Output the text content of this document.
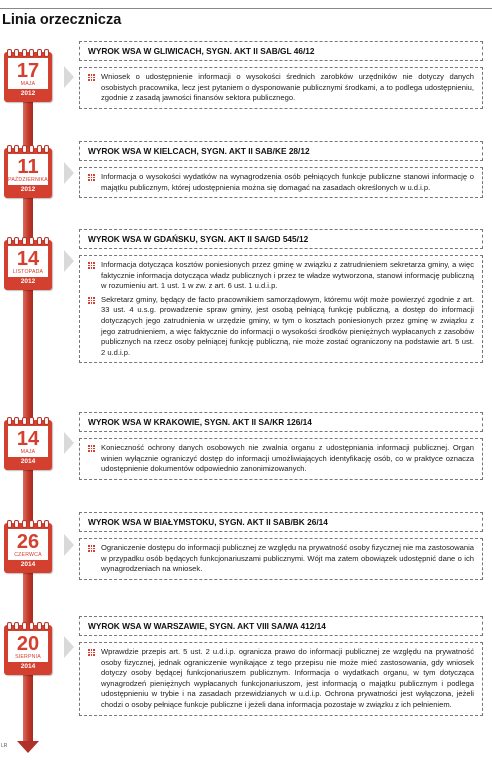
Linia orzecznicza
LR
17
MAJA
2012
WYROK WSA W GLIWICACH, SYGN. AKT II SAB/GL 46/12
Wniosek o udostępnienie informacji o wysokości średnich zarobków urzędników nie dotyczy danych osobistych pracownika, lecz jest pytaniem o dysponowanie publicznymi środkami, a to podlega udostępnieniu, zgodnie z zasadą jawności finansów sektora publicznego.
11
PAŹDZIERNIKA
2012
WYROK WSA W KIELCACH, SYGN. AKT II SAB/KE 28/12
Informacja o wysokości wydatków na wynagrodzenia osób pełniących funkcje publiczne stanowi informację o majątku publicznym, której udostępnienia można się domagać na zasadach określonych w u.d.i.p.
14
LISTOPADA
2012
WYROK WSA W GDAŃSKU, SYGN. AKT II SA/GD 545/12
Informacja dotycząca kosztów poniesionych przez gminę w związku z zatrudnieniem sekretarza gminy, a więc faktycznie informacja dotycząca władz publicznych i przez te władze wytworzona, stanowi informację publiczną w rozumieniu art. 1 ust. 1 w zw. z art. 6 ust. 1 u.d.i.p.
Sekretarz gminy, będący de facto pracownikiem samorządowym, któremu wójt może powierzyć zgodnie z art. 33 ust. 4 u.s.g. prowadzenie spraw gminy, jest osobą pełniącą funkcję publiczną, a dostęp do informacji dotyczących jego zatrudnienia w urzędzie gminy, w tym o kosztach poniesionych przez gminę w związku z jego zatrudnieniem, a więc faktycznie do informacji o wysokości środków pieniężnych wypłacanych z zasobów publicznych na rzecz osoby pełniącej funkcję publiczną, nie może zostać ograniczony na podstawie art. 5 ust. 2 u.d.i.p.
14
MAJA
2014
WYROK WSA W KRAKOWIE, SYGN. AKT II SA/KR 126/14
Konieczność ochrony danych osobowych nie zwalnia organu z udostępniania informacji publicznej. Organ winien wyłącznie ograniczyć dostęp do informacji umożliwiających identyfikację osób, co w praktyce oznacza udostępnienie dokumentów odpowiednio zanonimizowanych.
26
CZERWCA
2014
WYROK WSA W BIAŁYMSTOKU, SYGN. AKT II SAB/BK 26/14
Ograniczenie dostępu do informacji publicznej ze względu na prywatność osoby fizycznej nie ma zastosowania w przypadku osób będących funkcjonariuszami publicznymi. Wójt ma zatem obowiązek udostępnić dane o ich wynagrodzeniach na wniosek.
20
SIERPNIA
2014
WYROK WSA W WARSZAWIE, SYGN. AKT VIII SA/WA 412/14
Wprawdzie przepis art. 5 ust. 2 u.d.i.p. ogranicza prawo do informacji publicznej ze względu na prywatność osoby fizycznej, jednak ograniczenie wynikające z tego przepisu nie może mieć zastosowania, gdy wniosek dotyczy osoby będącej funkcjonariuszem publicznym. Informacja o wydatkach organu, w tym dotycząca wynagrodzeń pieniężnych wypłacanych funkcjonariuszom, jest informacją o majątku publicznym i podlega udostępnieniu w trybie i na zasadach przewidzianych w u.d.i.p. Ochrona prywatności jest wyłączona, jeżeli chodzi o osoby pełniące funkcje publiczne i jeżeli dana informacja pozostaje w związku z ich pełnieniem.
